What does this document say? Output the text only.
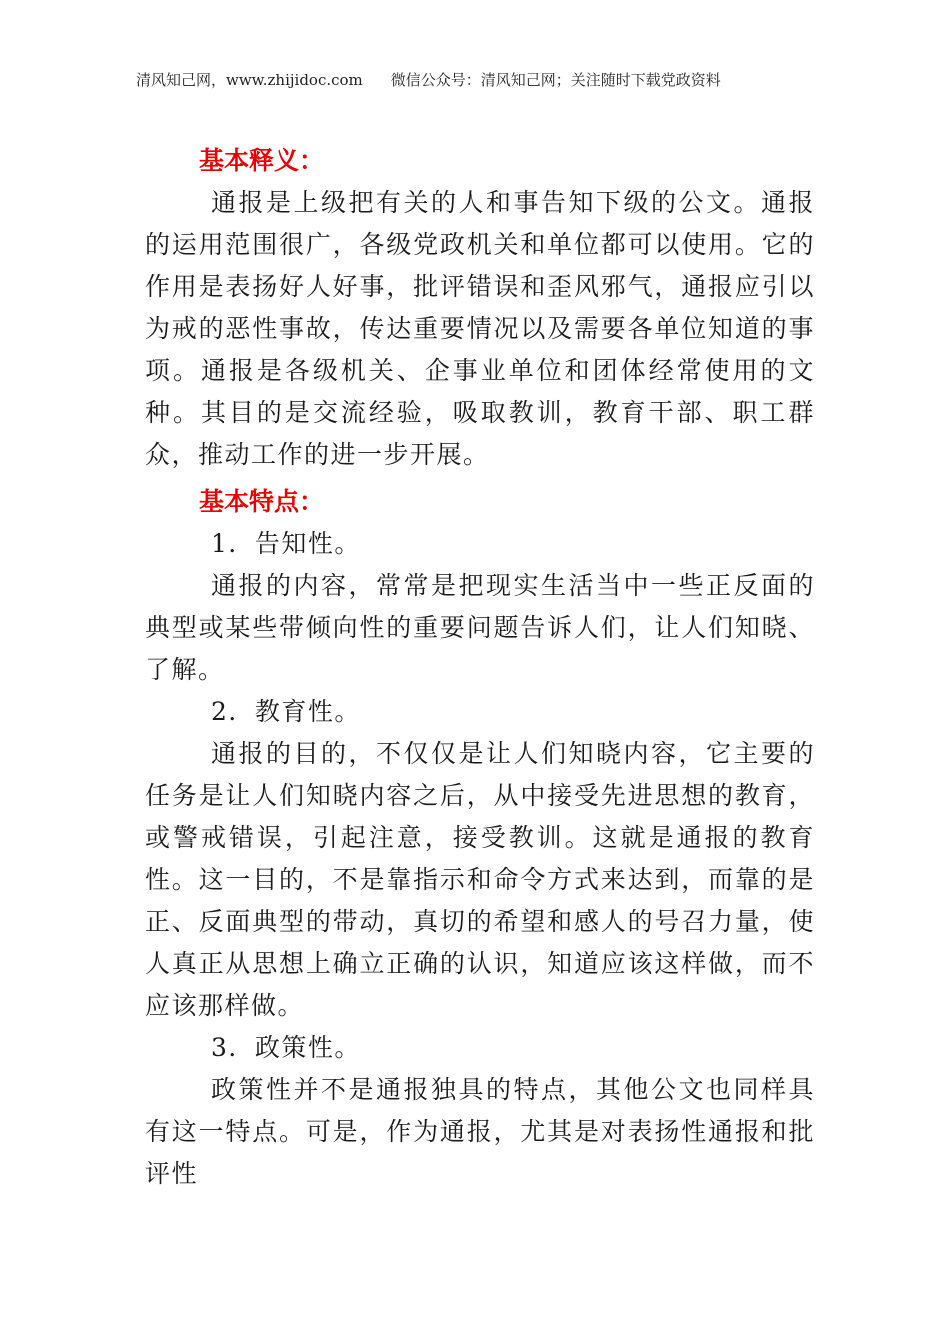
清风知己网，www.zhijidoc.com 微信公众号：清风知己网；关注随时下载党政资料
基本释义：

通报是上级把有关的人和事告知下级的公文。通报的运用范围很广，各级党政机关和单位都可以使用。它的作用是表扬好人好事，批评错误和歪风邪气，通报应引以为戒的恶性事故，传达重要情况以及需要各单位知道的事项。通报是各级机关、企事业单位和团体经常使用的文种。其目的是交流经验，吸取教训，教育干部、职工群众，推动工作的进一步开展。

基本特点：

1．告知性。

通报的内容，常常是把现实生活当中一些正反面的典型或某些带倾向性的重要问题告诉人们，让人们知晓、了解。

2．教育性。

通报的目的，不仅仅是让人们知晓内容，它主要的任务是让人们知晓内容之后，从中接受先进思想的教育，或警戒错误，引起注意，接受教训。这就是通报的教育性。这一目的，不是靠指示和命令方式来达到，而靠的是正、反面典型的带动，真切的希望和感人的号召力量，使人真正从思想上确立正确的认识，知道应该这样做，而不应该那样做。

3．政策性。

政策性并不是通报独具的特点，其他公文也同样具有这一特点。可是，作为通报，尤其是对表扬性通报和批评性
